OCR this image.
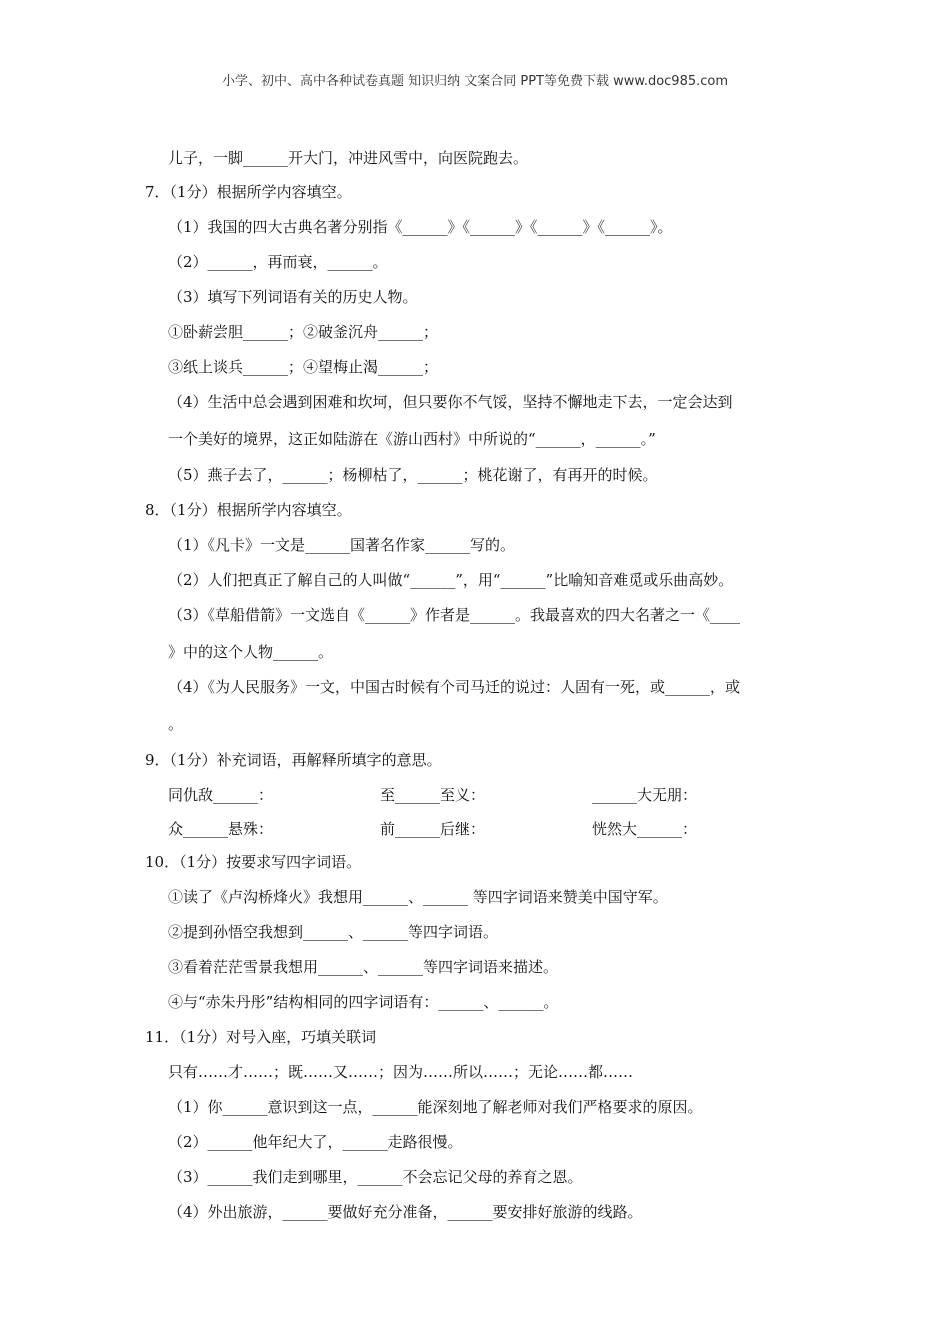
小学、初中、高中各种试卷真题 知识归纳 文案合同 PPT等免费下载 www.doc985.com
儿子，一脚______开大门，冲进风雪中，向医院跑去。
7．（1分）根据所学内容填空。
（1）我国的四大古典名著分别指《______》《______》《______》《______》。
（2）______，再而衰，______。
（3）填写下列词语有关的历史人物。
①卧薪尝胆______；②破釜沉舟______；
③纸上谈兵______；④望梅止渴______；
（4）生活中总会遇到困难和坎坷，但只要你不气馁，坚持不懈地走下去，一定会达到
一个美好的境界，这正如陆游在《游山西村》中所说的“______，______。”
（5）燕子去了，______；杨柳枯了，______；桃花谢了，有再开的时候。
8．（1分）根据所学内容填空。
（1）《凡卡》一文是______国著名作家______写的。
（2）人们把真正了解自己的人叫做“______”，用“______”比喻知音难觅或乐曲高妙。
（3）《草船借箭》一文选自《______》作者是______。我最喜欢的四大名著之一《____
》中的这个人物______。
（4）《为人民服务》一文，中国古时候有个司马迁的说过：人固有一死，或______，或
。
9．（1分）补充词语，再解释所填字的意思。
同仇敌______：	至______至义：	______大无朋：
众______悬殊：	前______后继：	恍然大______：
10．（1分）按要求写四字词语。
①读了《卢沟桥烽火》我想用______、______ 等四字词语来赞美中国守军。
②提到孙悟空我想到______、______等四字词语。
③看着茫茫雪景我想用______、______等四字词语来描述。
④与“赤朱丹彤”结构相同的四字词语有：______、______。
11．（1分）对号入座，巧填关联词
只有……才……；既……又……；因为……所以……；无论……都……
（1）你______意识到这一点，______能深刻地了解老师对我们严格要求的原因。
（2）______他年纪大了，______走路很慢。
（3）______我们走到哪里，______不会忘记父母的养育之恩。
（4）外出旅游，______要做好充分准备，______要安排好旅游的线路。
